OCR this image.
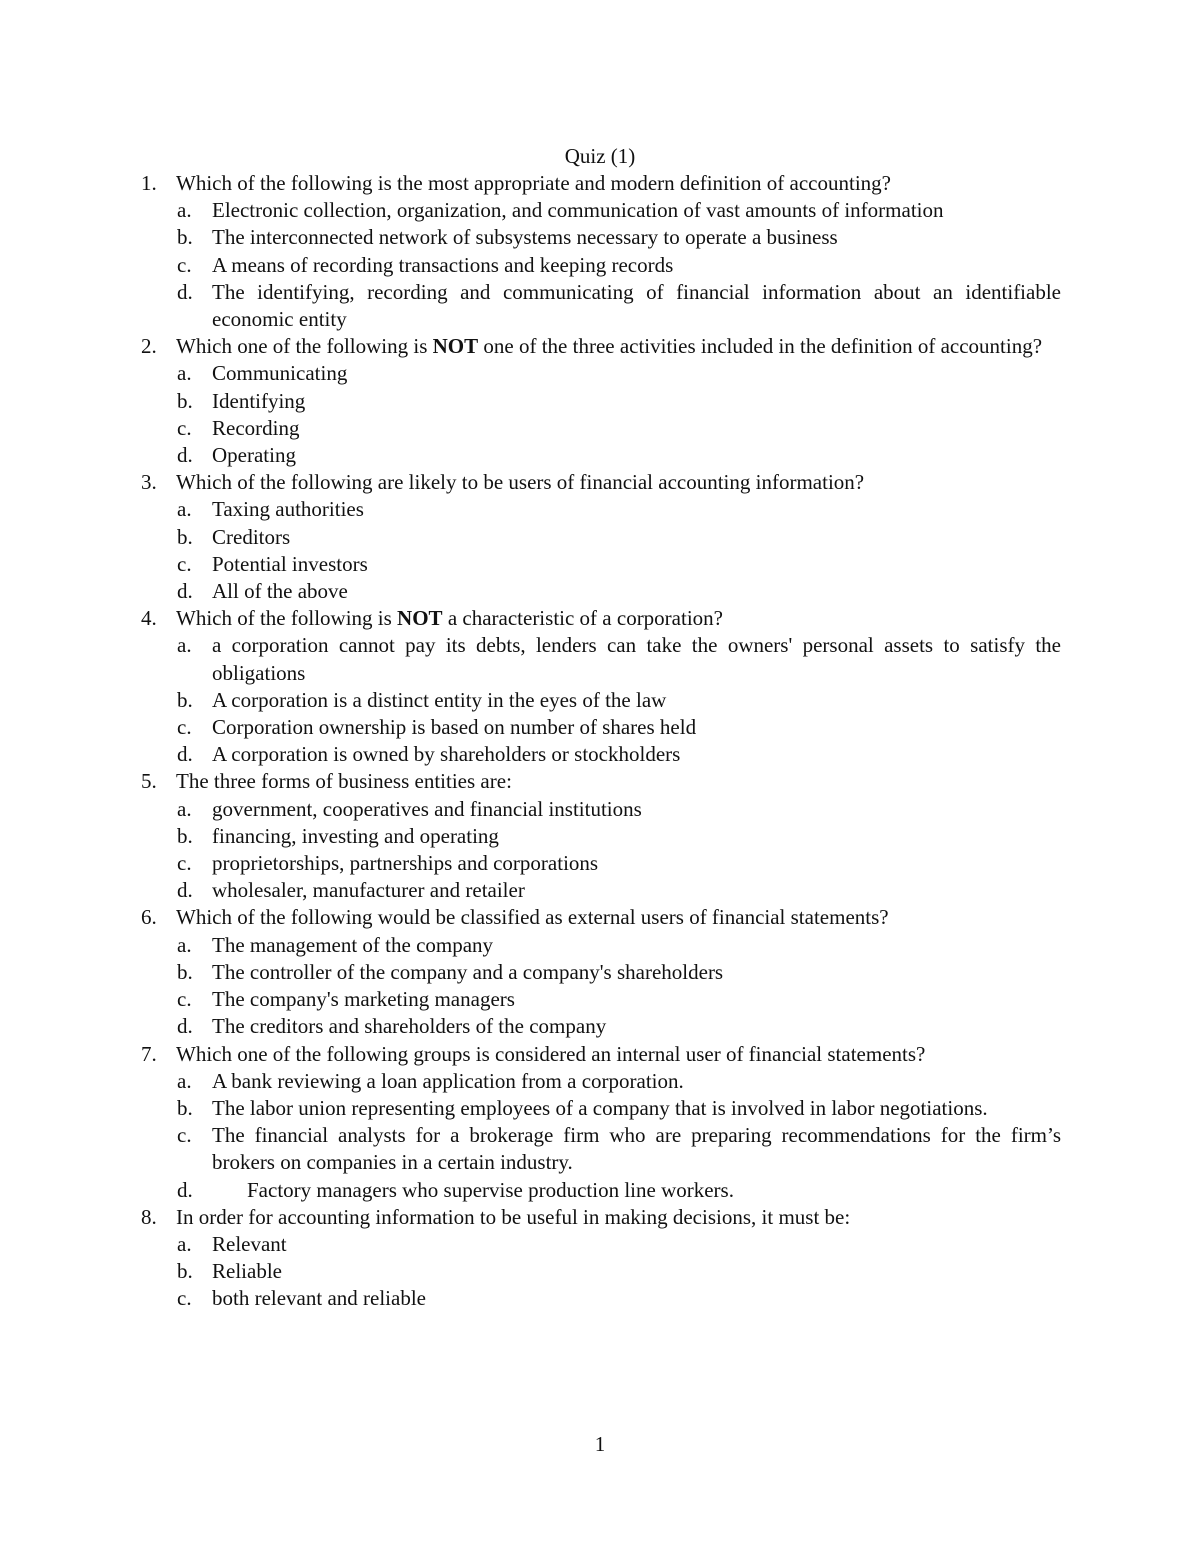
Quiz (1)
1. Which of the following is the most appropriate and modern definition of accounting?
a. Electronic collection, organization, and communication of vast amounts of information
b. The interconnected network of subsystems necessary to operate a business
c. A means of recording transactions and keeping records
d. The identifying, recording and communicating of financial information about an identifiable economic entity
2. Which one of the following is NOT one of the three activities included in the definition of accounting?
a. Communicating
b. Identifying
c. Recording
d. Operating
3. Which of the following are likely to be users of financial accounting information?
a. Taxing authorities
b. Creditors
c. Potential investors
d. All of the above
4. Which of the following is NOT a characteristic of a corporation?
a. a corporation cannot pay its debts, lenders can take the owners' personal assets to satisfy the obligations
b. A corporation is a distinct entity in the eyes of the law
c. Corporation ownership is based on number of shares held
d. A corporation is owned by shareholders or stockholders
5. The three forms of business entities are:
a. government, cooperatives and financial institutions
b. financing, investing and operating
c. proprietorships, partnerships and corporations
d. wholesaler, manufacturer and retailer
6. Which of the following would be classified as external users of financial statements?
a. The management of the company
b. The controller of the company and a company's shareholders
c. The company's marketing managers
d. The creditors and shareholders of the company
7. Which one of the following groups is considered an internal user of financial statements?
a. A bank reviewing a loan application from a corporation.
b. The labor union representing employees of a company that is involved in labor negotiations.
c. The financial analysts for a brokerage firm who are preparing recommendations for the firm’s brokers on companies in a certain industry.
d.	Factory managers who supervise production line workers.
8. In order for accounting information to be useful in making decisions, it must be:
a. Relevant
b. Reliable
c. both relevant and reliable
1
